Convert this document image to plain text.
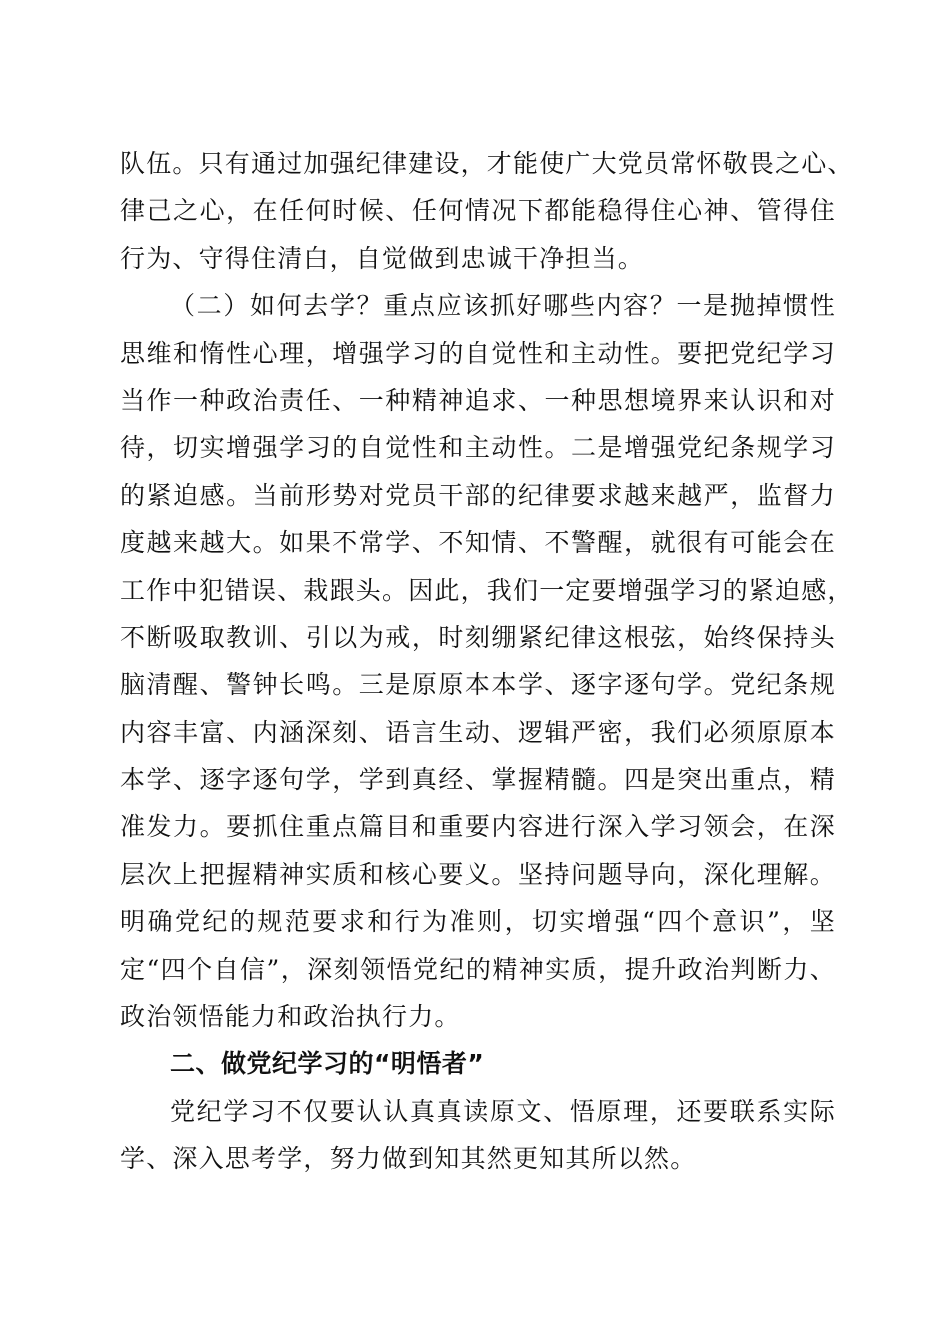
队伍。只有通过加强纪律建设，才能使广大党员常怀敬畏之心、
律己之心，在任何时候、任何情况下都能稳得住心神、管得住
行为、守得住清白，自觉做到忠诚干净担当。
（二）如何去学？重点应该抓好哪些内容？一是抛掉惯性
思维和惰性心理，增强学习的自觉性和主动性。要把党纪学习
当作一种政治责任、一种精神追求、一种思想境界来认识和对
待，切实增强学习的自觉性和主动性。二是增强党纪条规学习
的紧迫感。当前形势对党员干部的纪律要求越来越严，监督力
度越来越大。如果不常学、不知情、不警醒，就很有可能会在
工作中犯错误、栽跟头。因此，我们一定要增强学习的紧迫感，
不断吸取教训、引以为戒，时刻绷紧纪律这根弦，始终保持头
脑清醒、警钟长鸣。三是原原本本学、逐字逐句学。党纪条规
内容丰富、内涵深刻、语言生动、逻辑严密，我们必须原原本
本学、逐字逐句学，学到真经、掌握精髓。四是突出重点，精
准发力。要抓住重点篇目和重要内容进行深入学习领会，在深
层次上把握精神实质和核心要义。坚持问题导向，深化理解。
明确党纪的规范要求和行为准则，切实增强“四个意识”，坚
定“四个自信”，深刻领悟党纪的精神实质，提升政治判断力、
政治领悟能力和政治执行力。
二、做党纪学习的“明悟者”
党纪学习不仅要认认真真读原文、悟原理，还要联系实际
学、深入思考学，努力做到知其然更知其所以然。
